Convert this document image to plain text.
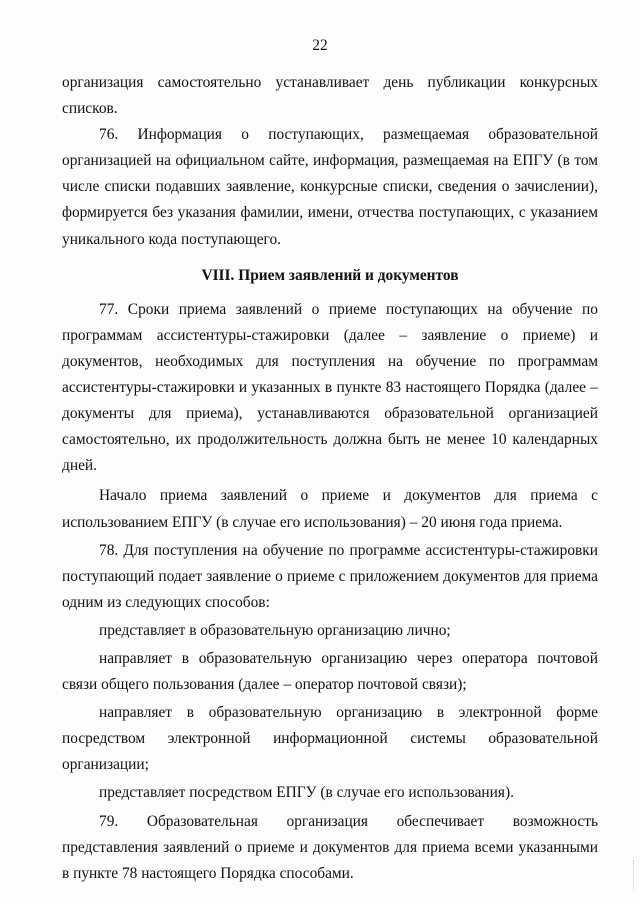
22

организация самостоятельно устанавливает день публикации конкурсных списков.

76. Информация о поступающих, размещаемая образовательной организацией на официальном сайте, информация, размещаемая на ЕПГУ (в том числе списки подавших заявление, конкурсные списки, сведения о зачислении), формируется без указания фамилии, имени, отчества поступающих, с указанием уникального кода поступающего.

VIII. Прием заявлений и документов

77. Сроки приема заявлений о приеме поступающих на обучение по программам ассистентуры-стажировки (далее – заявление о приеме) и документов, необходимых для поступления на обучение по программам ассистентуры-стажировки и указанных в пункте 83 настоящего Порядка (далее – документы для приема), устанавливаются образовательной организацией самостоятельно, их продолжительность должна быть не менее 10 календарных дней.

Начало приема заявлений о приеме и документов для приема с использованием ЕПГУ (в случае его использования) – 20 июня года приема.

78. Для поступления на обучение по программе ассистентуры-стажировки поступающий подает заявление о приеме с приложением документов для приема одним из следующих способов:

представляет в образовательную организацию лично;

направляет в образовательную организацию через оператора почтовой связи общего пользования (далее – оператор почтовой связи);

направляет в образовательную организацию в электронной форме посредством электронной информационной системы образовательной организации;

представляет посредством ЕПГУ (в случае его использования).

79. Образовательная организация обеспечивает возможность представления заявлений о приеме и документов для приема всеми указанными в пункте 78 настоящего Порядка способами.
